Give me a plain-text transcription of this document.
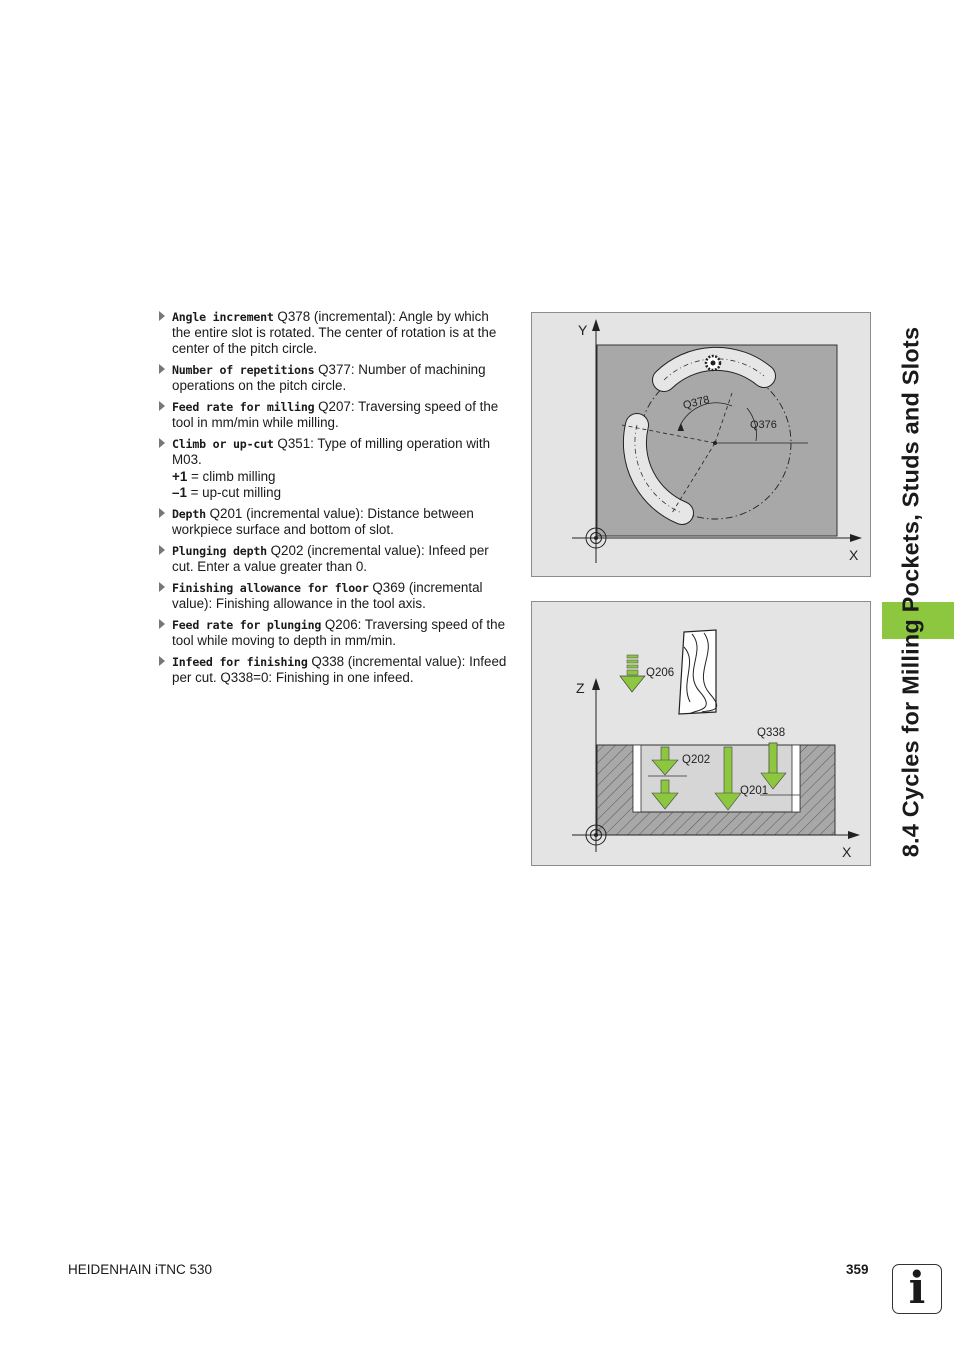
Angle increment Q378 (incremental): Angle by which the entire slot is rotated. The center of rotation is at the center of the pitch circle.
Number of repetitions Q377: Number of machining operations on the pitch circle.
Feed rate for milling Q207: Traversing speed of the tool in mm/min while milling.
Climb or up-cut Q351: Type of milling operation with M03.
+1 = climb milling
–1 = up-cut milling
Depth Q201 (incremental value): Distance between workpiece surface and bottom of slot.
Plunging depth Q202 (incremental value): Infeed per cut. Enter a value greater than 0.
Finishing allowance for floor Q369 (incremental value): Finishing allowance in the tool axis.
Feed rate for plunging Q206: Traversing speed of the tool while moving to depth in mm/min.
Infeed for finishing Q338 (incremental value): Infeed per cut. Q338=0: Finishing in one infeed.
Y
X
Q378
Q376
Z
X
Q206
Q338
Q202
Q201	8.4 Cycles for Milling Pockets, Studs and Slots
HEIDENHAIN iTNC 530	359 i
